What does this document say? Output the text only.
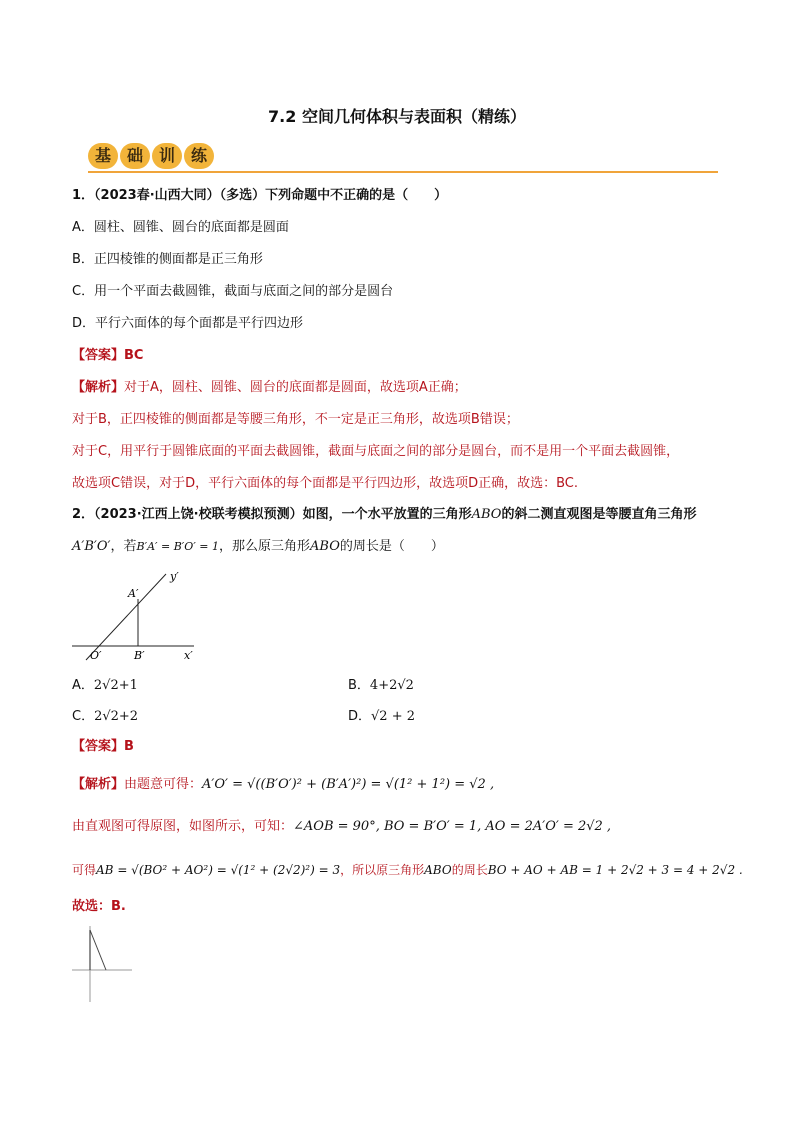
7.2 空间几何体积与表面积（精练）
基 础 训 练
1．（2023春·山西大同）（多选）下列命题中不正确的是（　　）
A．圆柱、圆锥、圆台的底面都是圆面
B．正四棱锥的侧面都是正三角形
C．用一个平面去截圆锥，截面与底面之间的部分是圆台
D．平行六面体的每个面都是平行四边形
【答案】BC
【解析】对于A，圆柱、圆锥、圆台的底面都是圆面，故选项A正确；
对于B，正四棱锥的侧面都是等腰三角形，不一定是正三角形，故选项B错误；
对于C，用平行于圆锥底面的平面去截圆锥，截面与底面之间的部分是圆台，而不是用一个平面去截圆锥，
故选项C错误，对于D，平行六面体的每个面都是平行四边形，故选项D正确，故选：BC.
2．（2023·江西上饶·校联考模拟预测）如图，一个水平放置的三角形ABO的斜二测直观图是等腰直角三角形
A′B′O′，若B′A′ = B′O′ = 1，那么原三角形ABO的周长是（　　）
A′
y′
O′	B′	x′
A．2√2+1	B．4+2√2
C．2√2+2	D．√2 + 2
【答案】B
【解析】由题意可得：A′O′ = √((B′O′)² + (B′A′)²) = √(1² + 1²) = √2 ,
由直观图可得原图，如图所示，可知：∠AOB = 90°, BO = B′O′ = 1, AO = 2A′O′ = 2√2 ,
可得AB = √(BO² + AO²) = √(1² + (2√2)²) = 3，所以原三角形ABO的周长BO + AO + AB = 1 + 2√2 + 3 = 4 + 2√2 .
故选：B.
